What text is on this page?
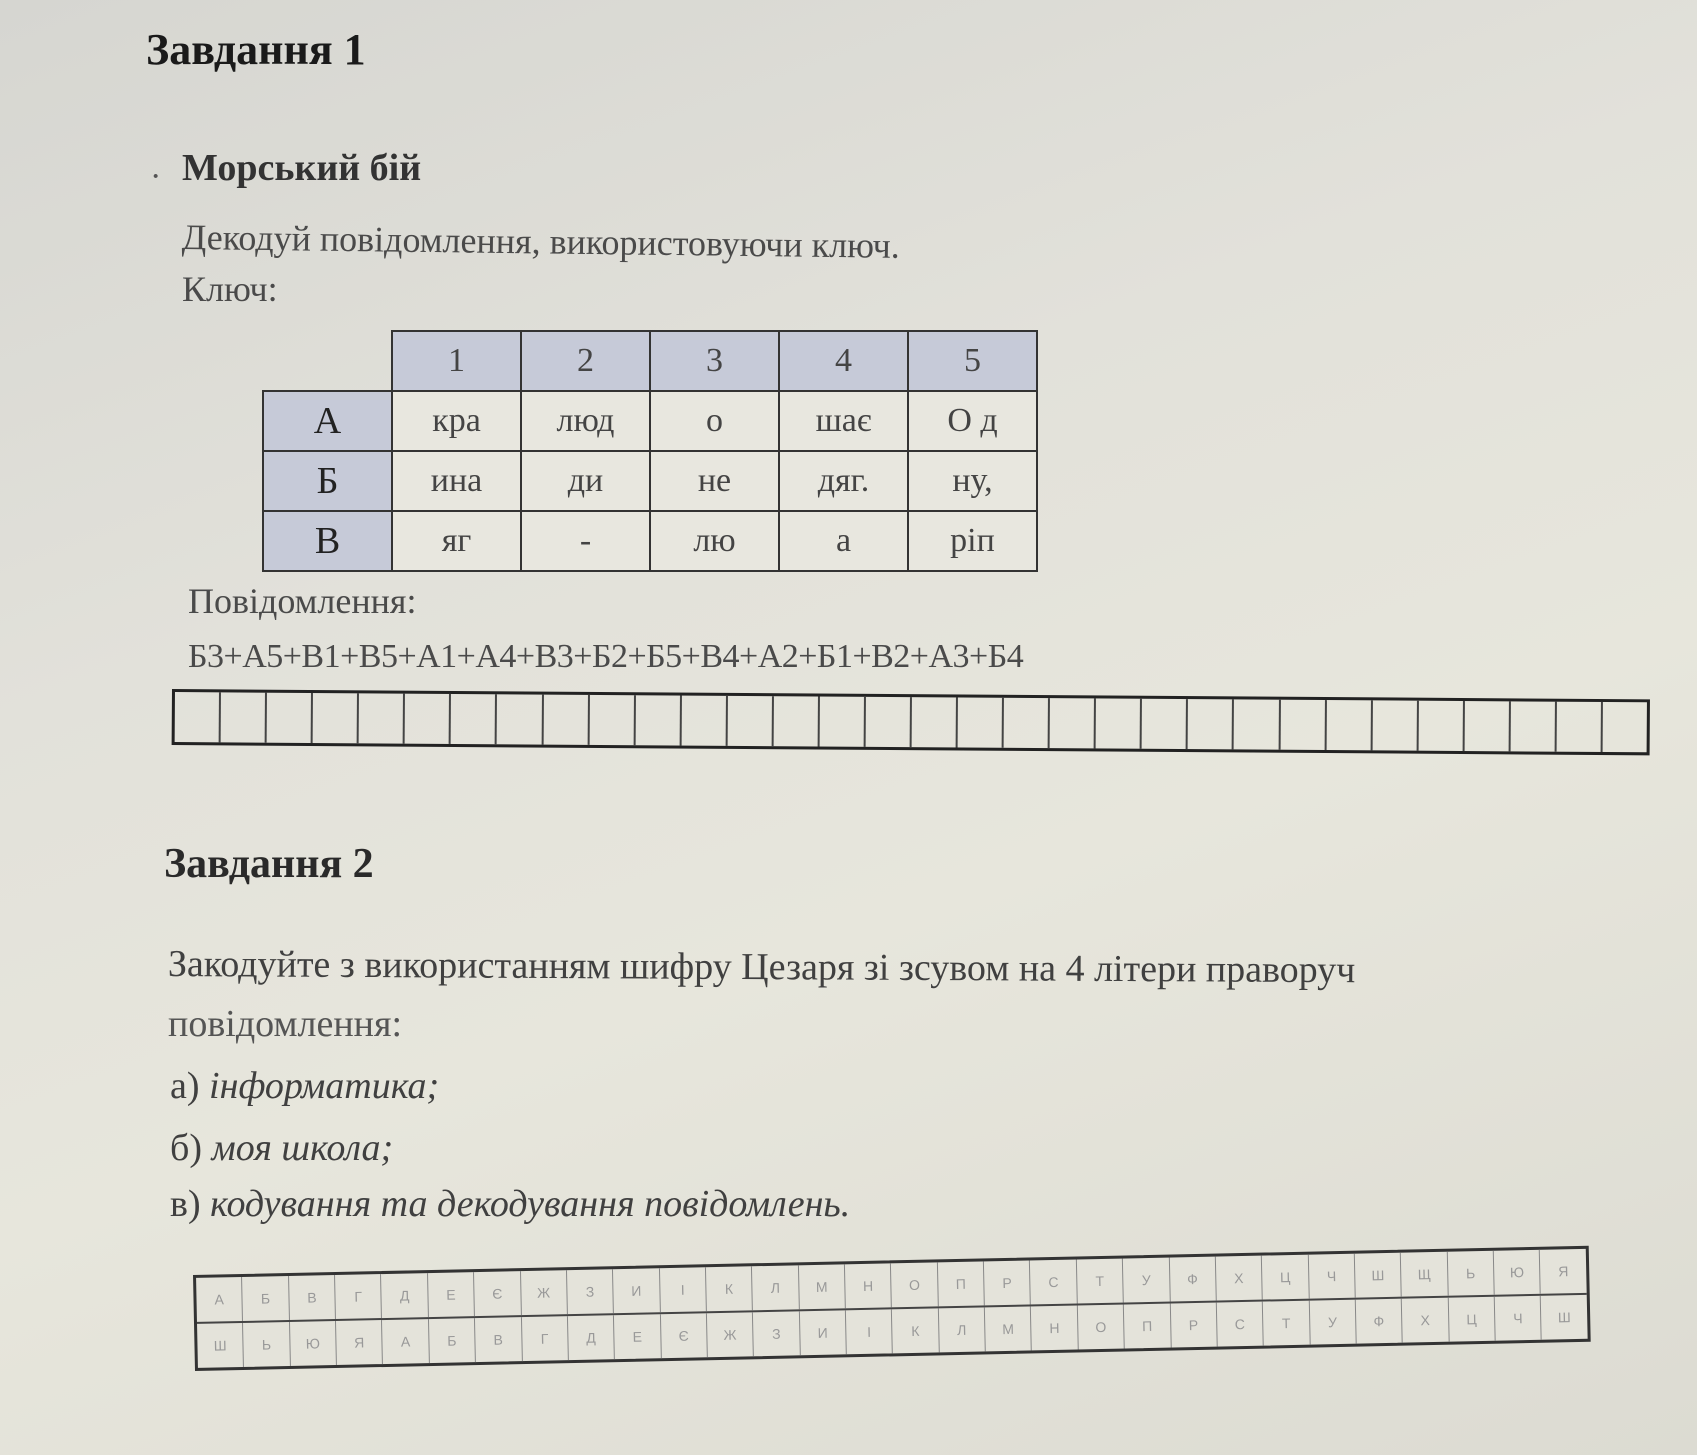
Завдання 1
· Морський бій
Декодуй повідомлення, використовуючи ключ.
Ключ:
	1	2	3	4	5
А	кра	люд	о	шає	О д
Б	ина	ди	не	дяг.	ну,
В	яг	-	лю	а	ріп
Повідомлення:
Б3+А5+В1+В5+А1+А4+В3+Б2+Б5+В4+А2+Б1+В2+А3+Б4
Завдання 2
Закодуйте з використанням шифру Цезаря зі зсувом на 4 літери праворуч
повідомлення:
а) інформатика;
б) моя школа;
в) кодування та декодування повідомлень.
А	Б	В	Г	Д	Е	Є	Ж	З	И	І	К	Л	М	Н	О	П	Р	С	Т	У	Ф	Х	Ц	Ч	Ш	Щ	Ь	Ю	Я
Ш	Ь	Ю	Я	А	Б	В	Г	Д	Е	Є	Ж	З	И	І	К	Л	М	Н	О	П	Р	С	Т	У	Ф	Х	Ц	Ч	Ш
